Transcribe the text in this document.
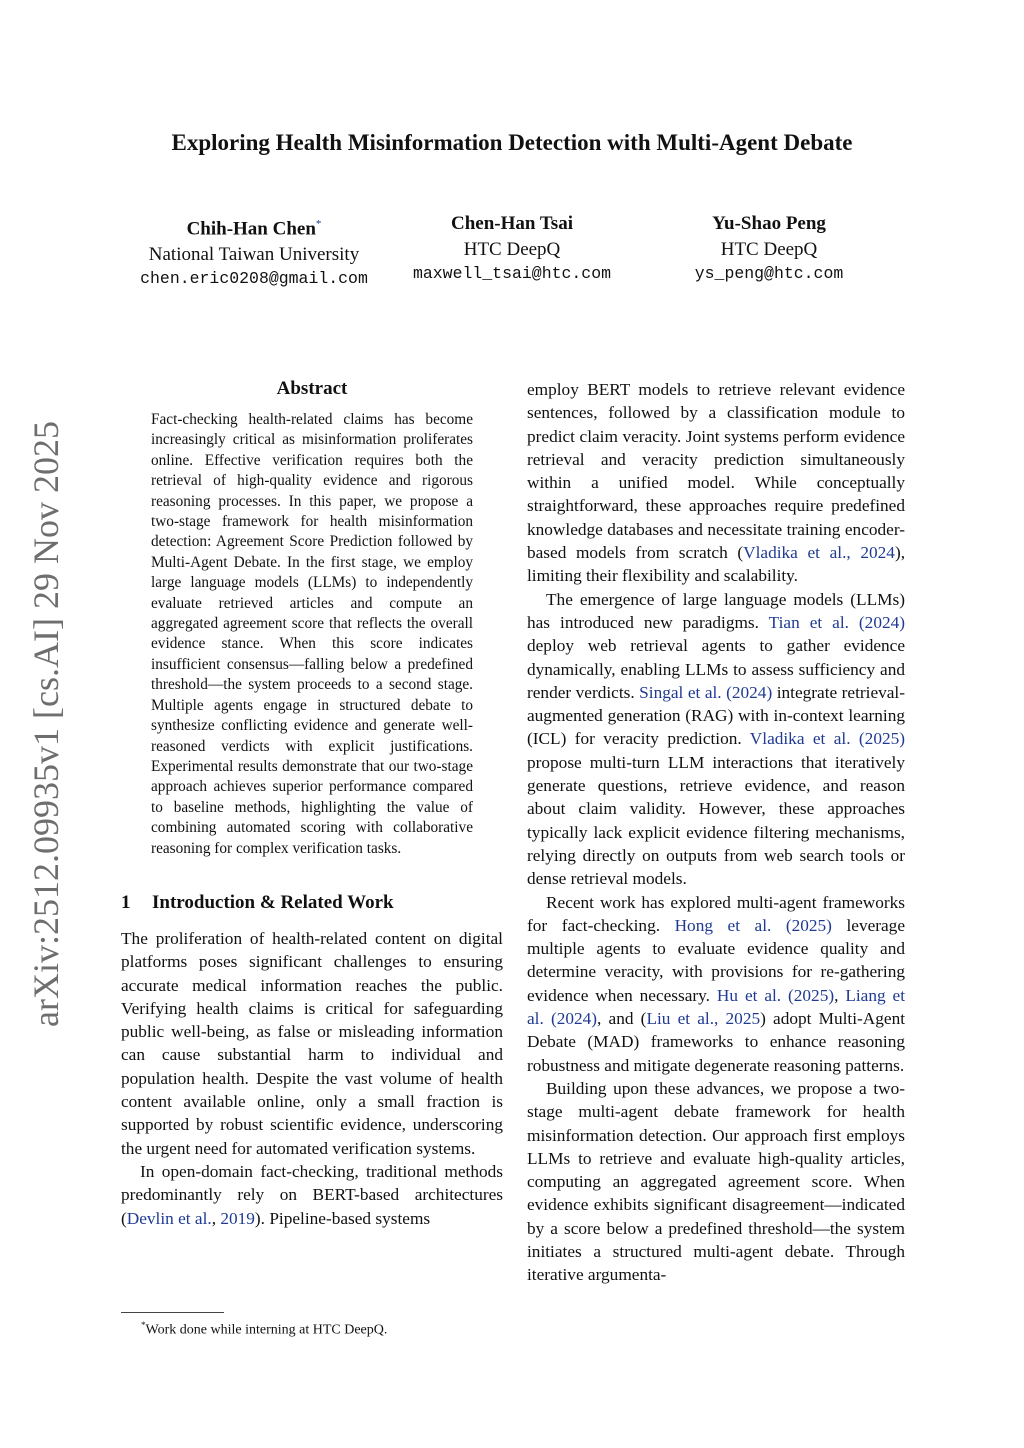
Exploring Health Misinformation Detection with Multi-Agent Debate
Chih-Han Chen*
National Taiwan University
chen.eric0208@gmail.com
Chen-Han Tsai
HTC DeepQ
maxwell_tsai@htc.com
Yu-Shao Peng
HTC DeepQ
ys_peng@htc.com
arXiv:2512.09935v1 [cs.AI] 29 Nov 2025
Abstract

Fact-checking health-related claims has become increasingly critical as misinformation proliferates online. Effective verification requires both the retrieval of high-quality evidence and rigorous reasoning processes. In this paper, we propose a two-stage framework for health misinformation detection: Agreement Score Prediction followed by Multi-Agent Debate. In the first stage, we employ large language models (LLMs) to independently evaluate retrieved articles and compute an aggregated agreement score that reflects the overall evidence stance. When this score indicates insufficient consensus—falling below a predefined threshold—the system proceeds to a second stage. Multiple agents engage in structured debate to synthesize conflicting evidence and generate well-reasoned verdicts with explicit justifications. Experimental results demonstrate that our two-stage approach achieves superior performance compared to baseline methods, highlighting the value of combining automated scoring with collaborative reasoning for complex verification tasks.

1 Introduction & Related Work

The proliferation of health-related content on digital platforms poses significant challenges to ensuring accurate medical information reaches the public. Verifying health claims is critical for safeguarding public well-being, as false or misleading information can cause substantial harm to individual and population health. Despite the vast volume of health content available online, only a small fraction is supported by robust scientific evidence, underscoring the urgent need for automated verification systems.

In open-domain fact-checking, traditional methods predominantly rely on BERT-based architectures (Devlin et al., 2019). Pipeline-based systems

employ BERT models to retrieve relevant evidence sentences, followed by a classification module to predict claim veracity. Joint systems perform evidence retrieval and veracity prediction simultaneously within a unified model. While conceptually straightforward, these approaches require predefined knowledge databases and necessitate training encoder-based models from scratch (Vladika et al., 2024), limiting their flexibility and scalability.

The emergence of large language models (LLMs) has introduced new paradigms. Tian et al. (2024) deploy web retrieval agents to gather evidence dynamically, enabling LLMs to assess sufficiency and render verdicts. Singal et al. (2024) integrate retrieval-augmented generation (RAG) with in-context learning (ICL) for veracity prediction. Vladika et al. (2025) propose multi-turn LLM interactions that iteratively generate questions, retrieve evidence, and reason about claim validity. However, these approaches typically lack explicit evidence filtering mechanisms, relying directly on outputs from web search tools or dense retrieval models.

Recent work has explored multi-agent frameworks for fact-checking. Hong et al. (2025) leverage multiple agents to evaluate evidence quality and determine veracity, with provisions for re-gathering evidence when necessary. Hu et al. (2025), Liang et al. (2024), and (Liu et al., 2025) adopt Multi-Agent Debate (MAD) frameworks to enhance reasoning robustness and mitigate degenerate reasoning patterns.

Building upon these advances, we propose a two-stage multi-agent debate framework for health misinformation detection. Our approach first employs LLMs to retrieve and evaluate high-quality articles, computing an aggregated agreement score. When evidence exhibits significant disagreement—indicated by a score below a predefined threshold—the system initiates a structured multi-agent debate. Through iterative argumenta-

*Work done while interning at HTC DeepQ.
